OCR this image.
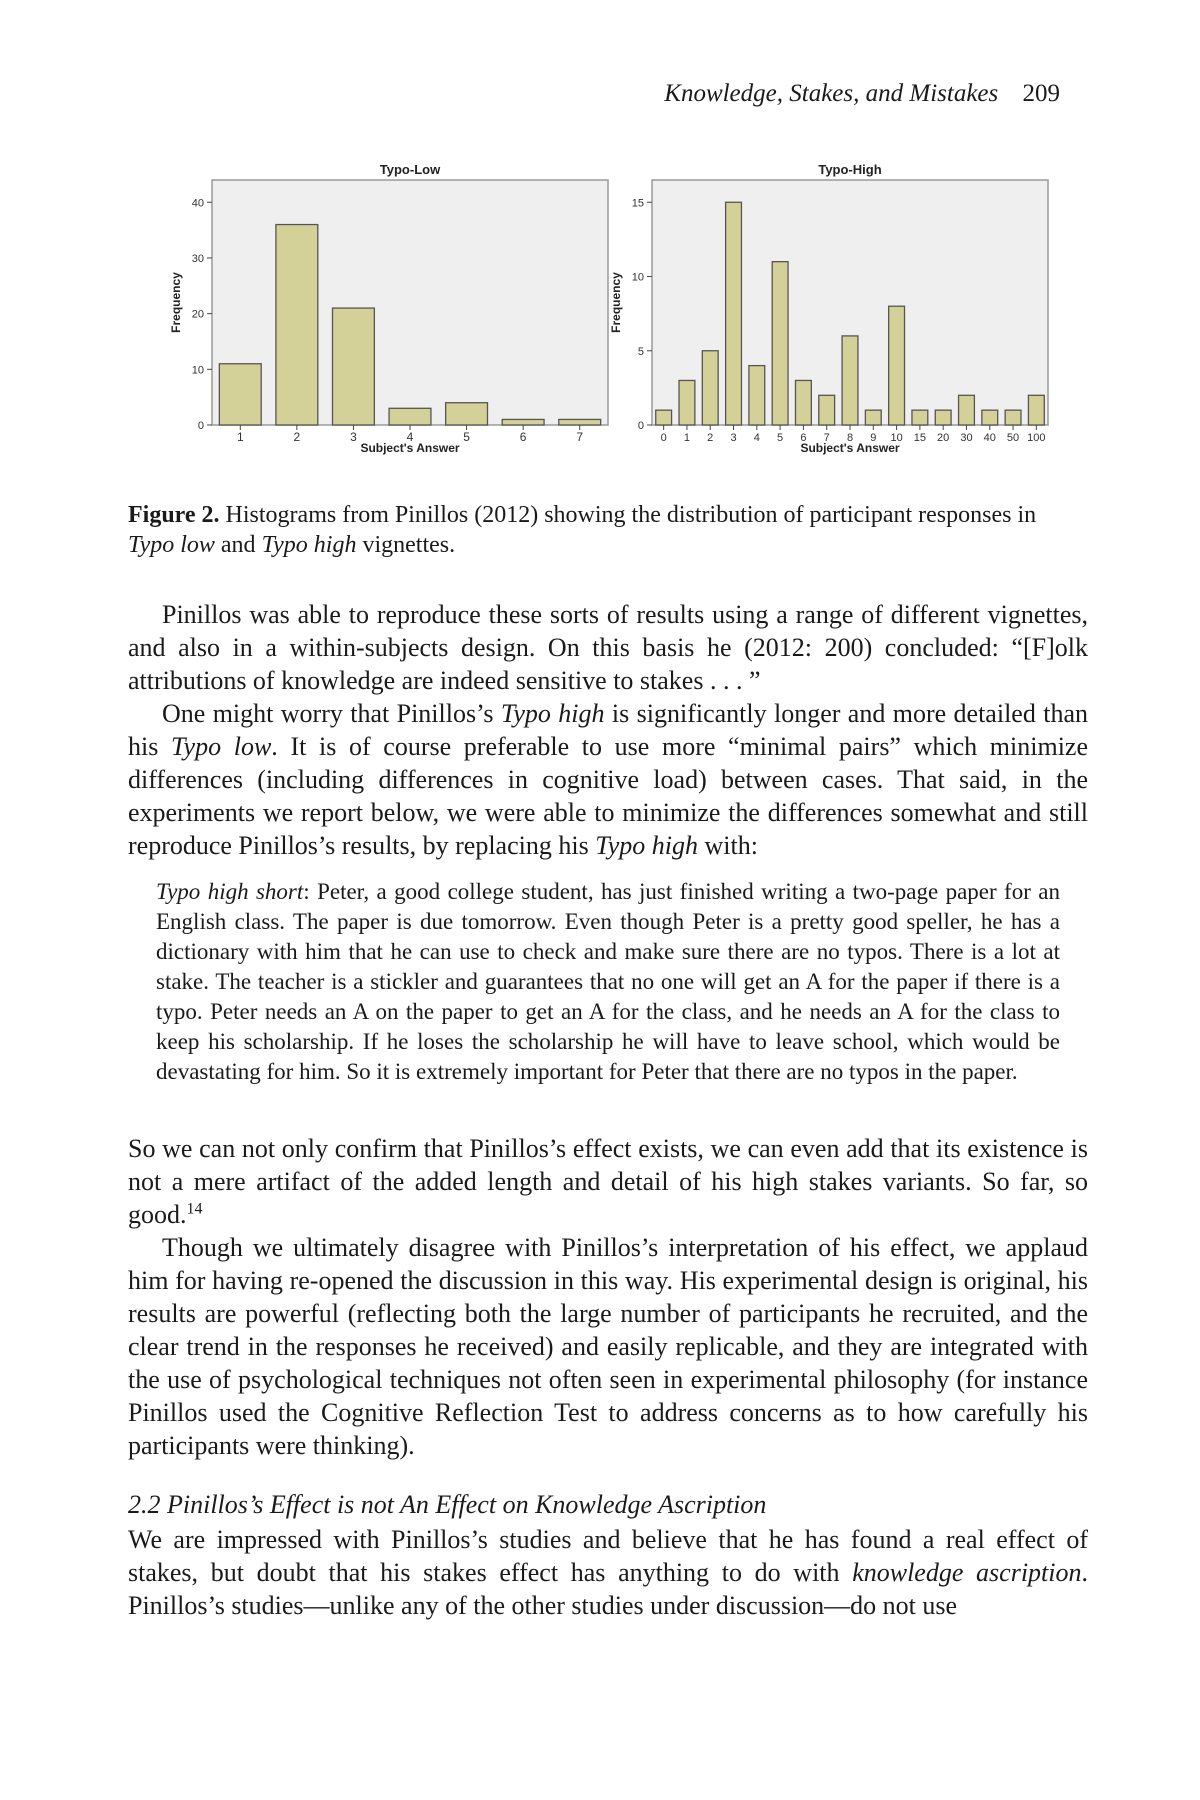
Knowledge, Stakes, and Mistakes 209
Typo-Low
0
10
20
30
40
Frequency
1	2	3	4	5	6	7
Subject's Answer
Typo-High
0
5
10
15
Frequency
0 1 2 3 4 5 6 7 8 9 10 15 20 30 40 50 100
Subject's Answer
Figure 2. Histograms from Pinillos (2012) showing the distribution of participant responses in Typo low and Typo high vignettes.

Pinillos was able to reproduce these sorts of results using a range of different vignettes, and also in a within-subjects design. On this basis he (2012: 200) concluded: “[F]olk attributions of knowledge are indeed sensitive to stakes . . . ”

One might worry that Pinillos’s Typo high is significantly longer and more detailed than his Typo low. It is of course preferable to use more “minimal pairs” which minimize differences (including differences in cognitive load) between cases. That said, in the experiments we report below, we were able to minimize the differences somewhat and still reproduce Pinillos’s results, by replacing his Typo high with:

Typo high short: Peter, a good college student, has just finished writing a two-page paper for an English class. The paper is due tomorrow. Even though Peter is a pretty good speller, he has a dictionary with him that he can use to check and make sure there are no typos. There is a lot at stake. The teacher is a stickler and guarantees that no one will get an A for the paper if there is a typo. Peter needs an A on the paper to get an A for the class, and he needs an A for the class to keep his scholarship. If he loses the scholarship he will have to leave school, which would be devastating for him. So it is extremely important for Peter that there are no typos in the paper.

So we can not only confirm that Pinillos’s effect exists, we can even add that its existence is not a mere artifact of the added length and detail of his high stakes variants. So far, so good.$^{14}$

Though we ultimately disagree with Pinillos’s interpretation of his effect, we applaud him for having re-opened the discussion in this way. His experimental design is original, his results are powerful (reflecting both the large number of participants he recruited, and the clear trend in the responses he received) and easily replicable, and they are integrated with the use of psychological techniques not often seen in experimental philosophy (for instance Pinillos used the Cognitive Reflection Test to address concerns as to how carefully his participants were thinking).

2.2 Pinillos’s Effect is not An Effect on Knowledge Ascription

We are impressed with Pinillos’s studies and believe that he has found a real effect of stakes, but doubt that his stakes effect has anything to do with knowledge ascription. Pinillos’s studies—unlike any of the other studies under discussion—do not use
